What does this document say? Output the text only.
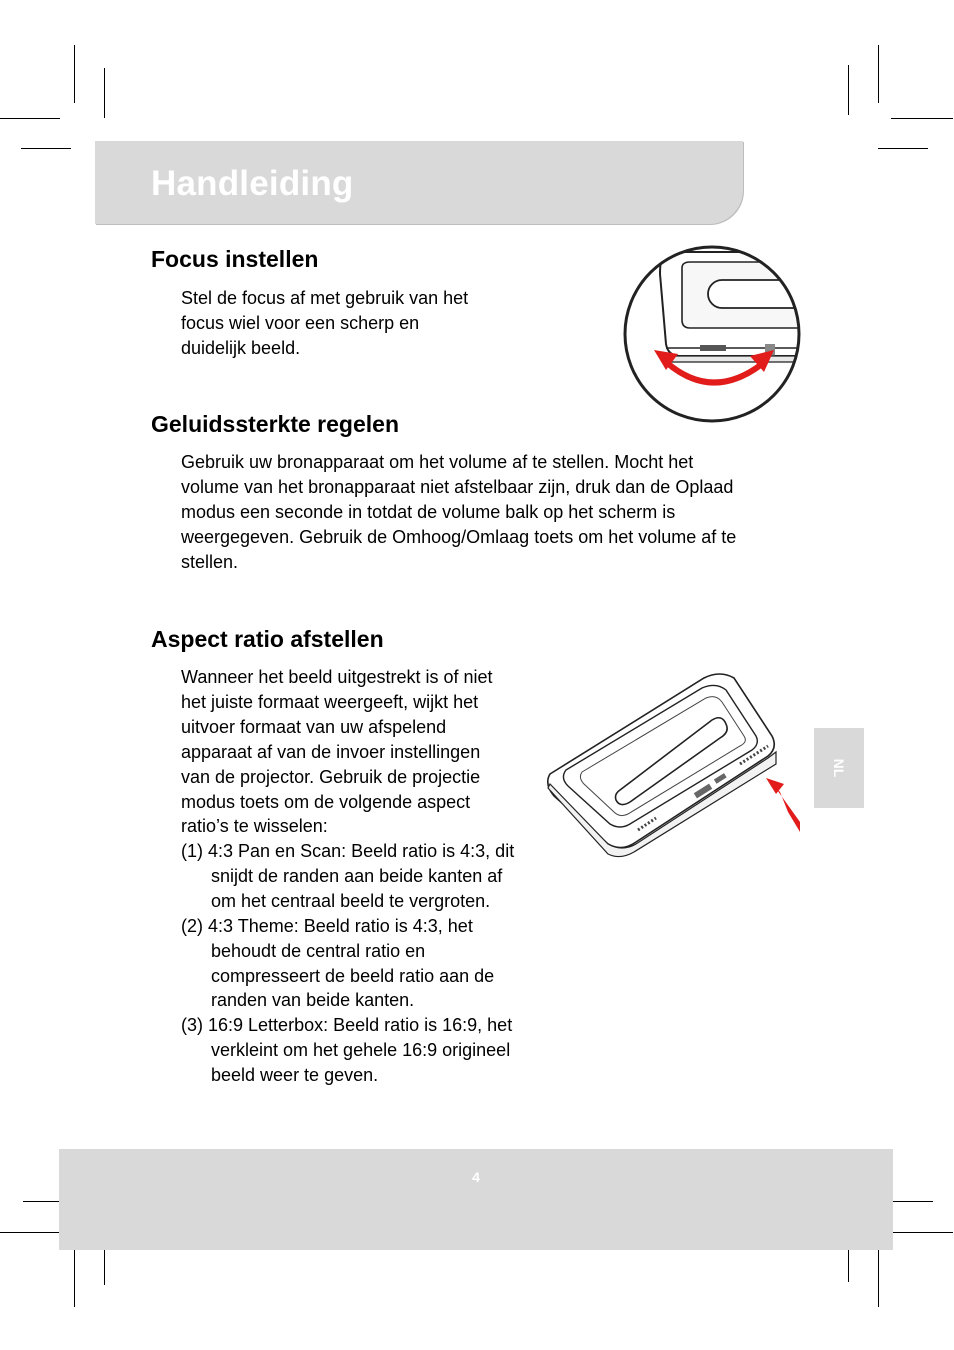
Handleiding
Focus instellen
Stel de focus af met gebruik van het
focus wiel voor een scherp en
duidelijk beeld.
Geluidssterkte regelen
Gebruik uw bronapparaat om het volume af te stellen. Mocht het
volume van het bronapparaat niet afstelbaar zijn, druk dan de Oplaad
modus een seconde in totdat de volume balk op het scherm is
weergegeven. Gebruik de Omhoog/Omlaag toets om het volume af te
stellen.
Aspect ratio afstellen
Wanneer het beeld uitgestrekt is of niet
het juiste formaat weergeeft, wijkt het
uitvoer formaat van uw afspelend
apparaat af van de invoer instellingen
van de projector. Gebruik de projectie
modus toets om de volgende aspect
ratio’s te wisselen:
(1) 4:3 Pan en Scan: Beeld ratio is 4:3, dit snijdt de randen aan beide kanten af om het centraal beeld te vergroten.
(2) 4:3 Theme: Beeld ratio is 4:3, het behoudt de central ratio en compresseert de beeld ratio aan de randen van beide kanten.
(3) 16:9 Letterbox: Beeld ratio is 16:9, het verkleint om het gehele 16:9 origineel beeld weer te geven.
NL
4
